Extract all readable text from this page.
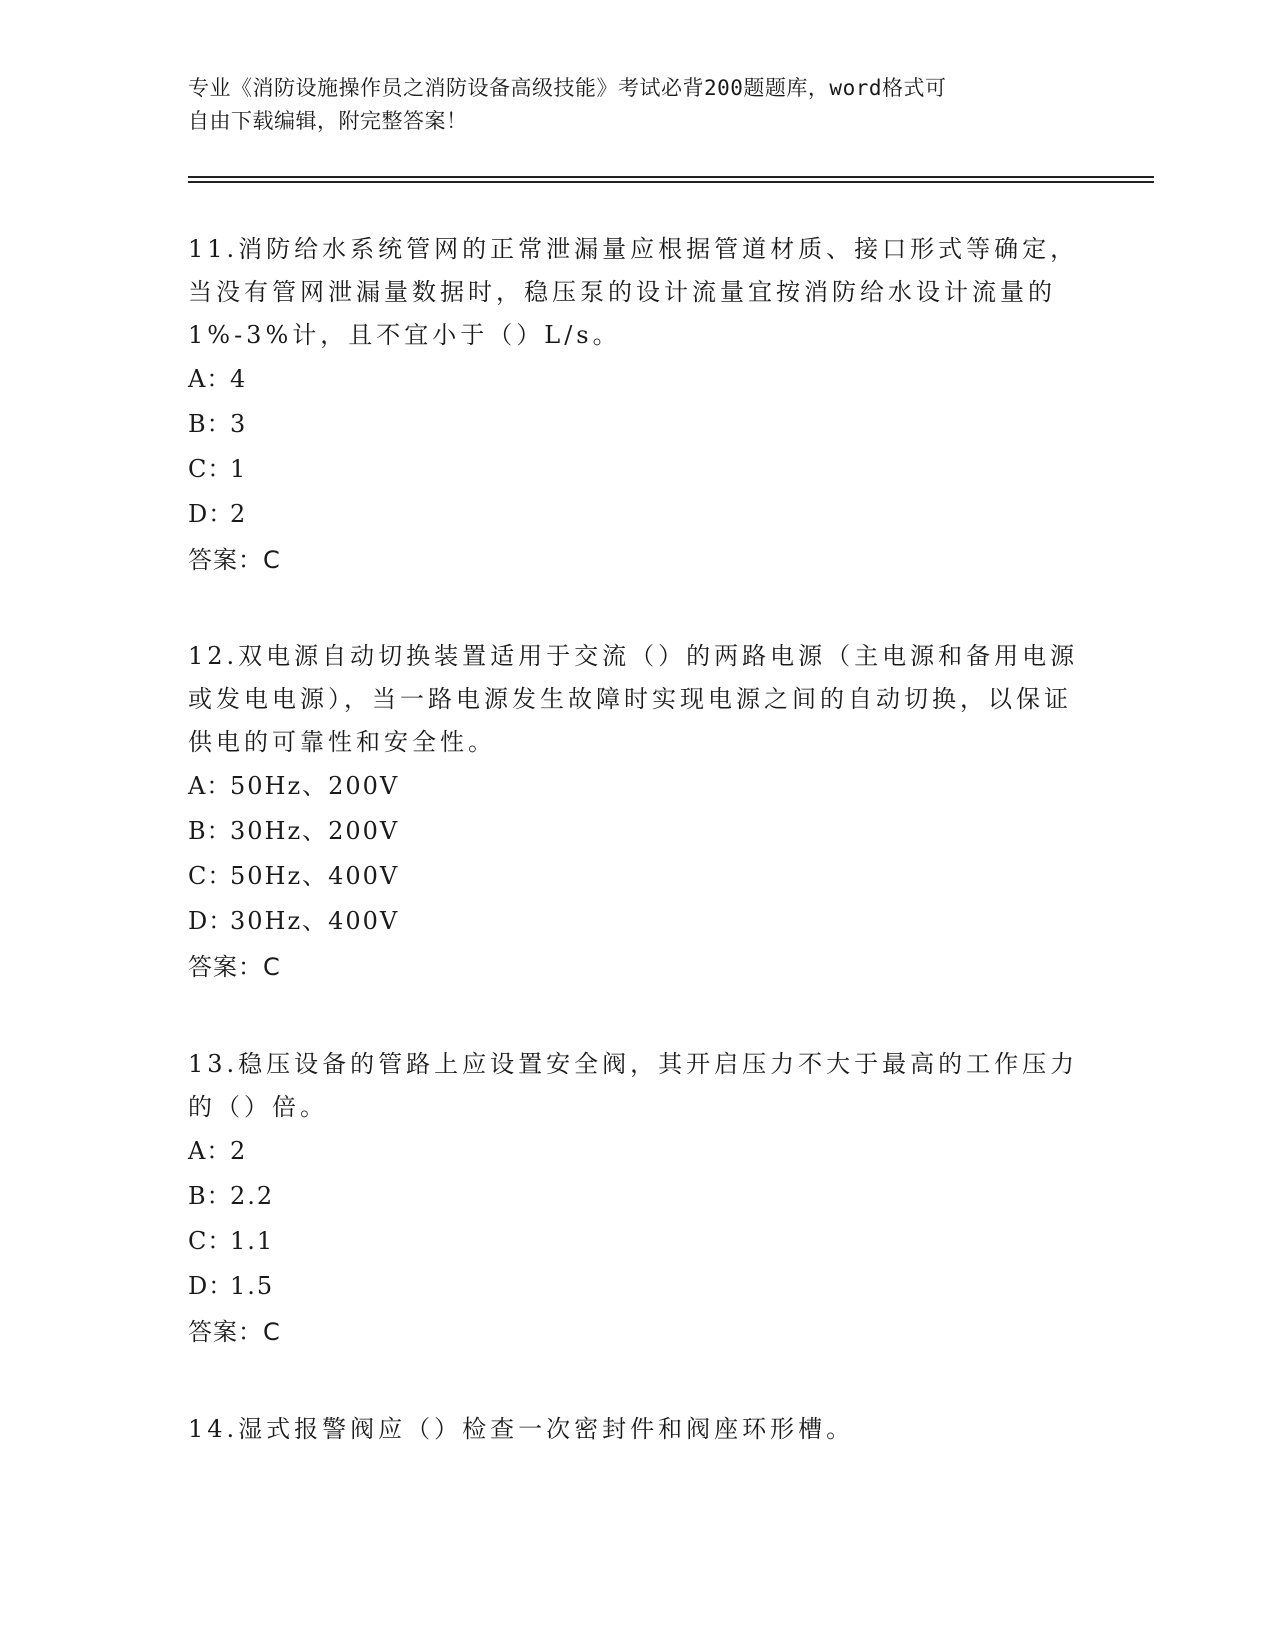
专业《消防设施操作员之消防设备高级技能》考试必背200题题库，word格式可
自由下载编辑，附完整答案！

11.消防给水系统管网的正常泄漏量应根据管道材质、接口形式等确定，当没有管网泄漏量数据时，稳压泵的设计流量宜按消防给水设计流量的1%-3%计，且不宜小于（）L/s。

A：
4

B：
3

C：
1

D：
2

答案：C

12.双电源自动切换装置适用于交流（）的两路电源（主电源和备用电源或发电电源），当一路电源发生故障时实现电源之间的自动切换，以保证供电的可靠性和安全性。

A：
50Hz、200V

B：
30Hz、200V

C：
50Hz、400V

D：
30Hz、400V

答案：C

13.稳压设备的管路上应设置安全阀，其开启压力不大于最高的工作压力的（）倍。

A：
2

B：
2.2

C：
1.1

D：
1.5

答案：C

14.湿式报警阀应（）检查一次密封件和阀座环形槽。
